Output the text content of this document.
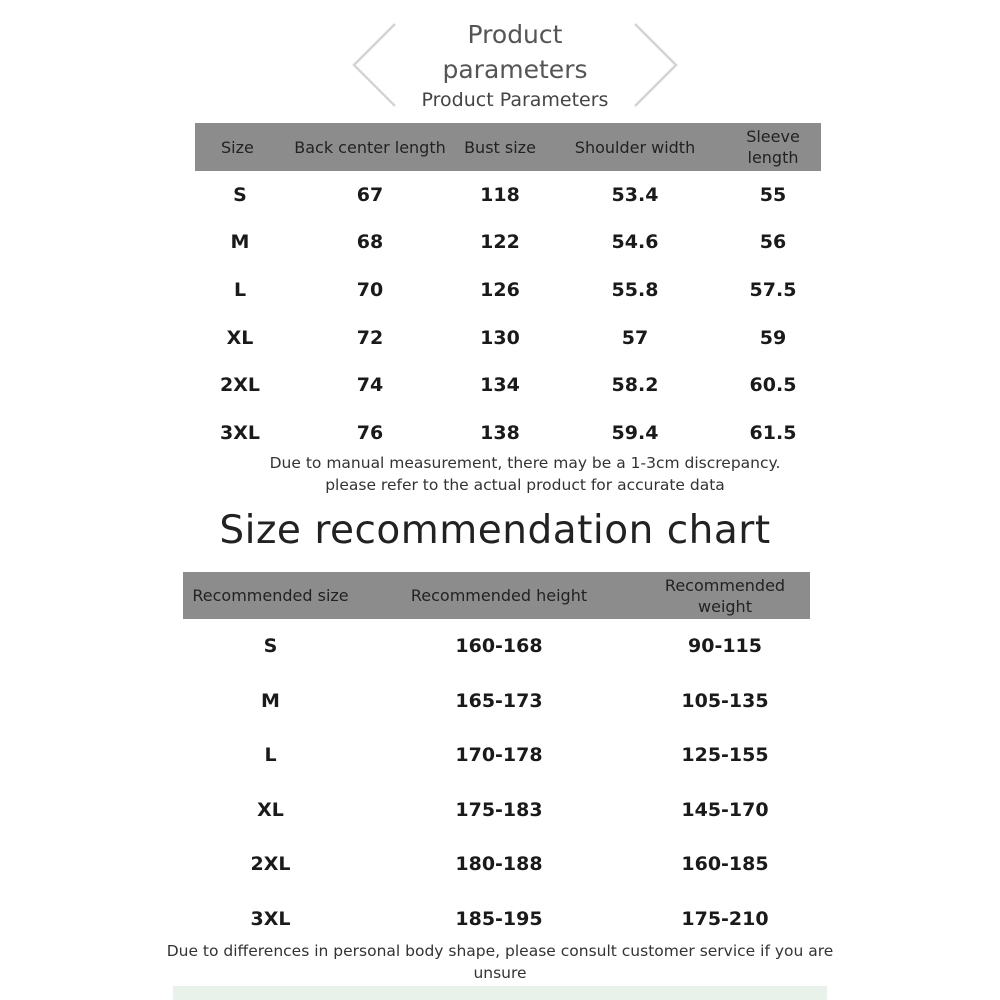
Product
parameters
Product Parameters
Size	Back center length	Bust size	Shoulder width	Sleeve length
S	67	118	53.4	55
M	68	122	54.6	56
L	70	126	55.8	57.5
XL	72	130	57	59
2XL	74	134	58.2	60.5
3XL	76	138	59.4	61.5
Due to manual measurement, there may be a 1-3cm discrepancy.
please refer to the actual product for accurate data
Size recommendation chart
Recommended size	Recommended height	Recommended weight
S	160-168	90-115
M	165-173	105-135
L	170-178	125-155
XL	175-183	145-170
2XL	180-188	160-185
3XL	185-195	175-210
Due to differences in personal body shape, please consult customer service if you are unsure
